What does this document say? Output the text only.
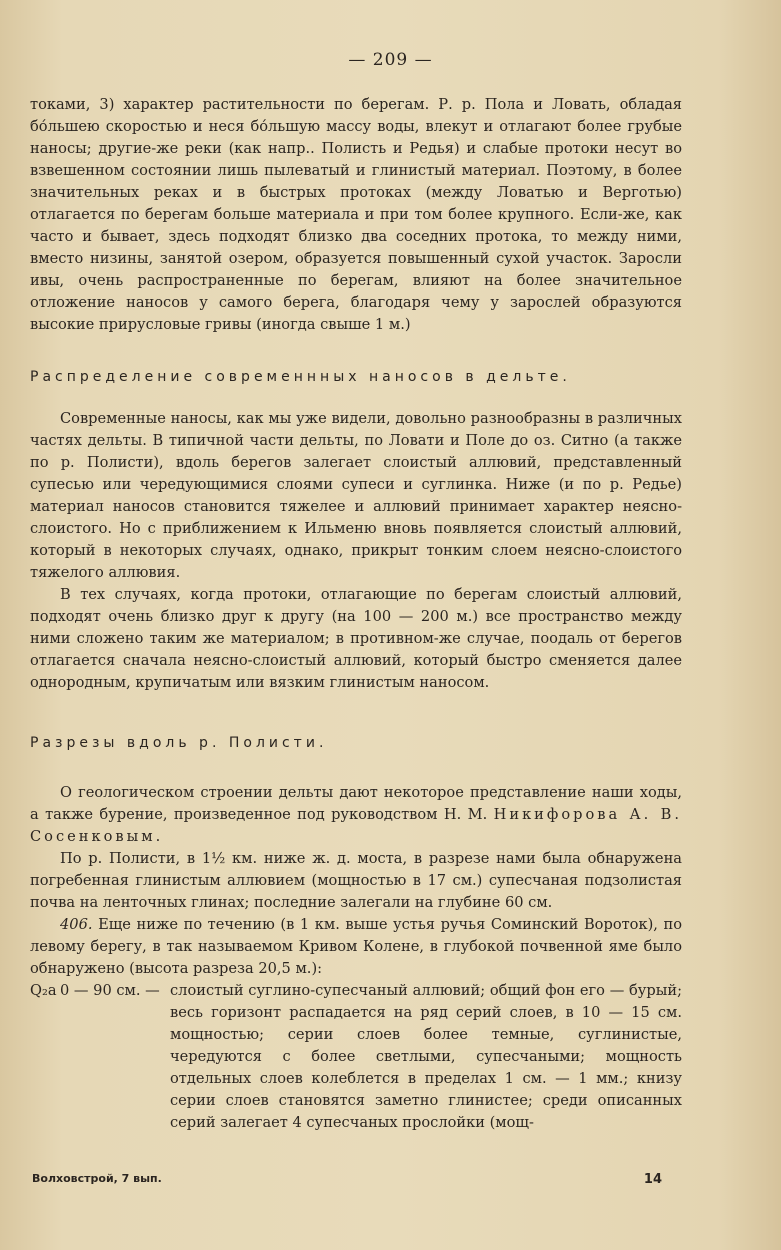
— 209 —

токами, 3) характер растительности по берегам. Р. р. Пола и Ловать, обладая бо́льшею скоростью и неся бо́льшую массу воды, влекут и отлагают более грубые наносы; другие-же реки (как напр.. Полисть и Редья) и слабые протоки несут во взвешенном состоянии лишь пылеватый и глинистый материал. Поэтому, в более значительных реках и в быстрых протоках (между Ловатью и Верготью) отлагается по берегам больше материала и при том более крупного. Если-же, как часто и бывает, здесь подходят близко два соседних протока, то между ними, вместо низины, занятой озером, образуется повышенный сухой участок. Заросли ивы, очень распространенные по берегам, влияют на более значительное отложение наносов у самого берега, благодаря чему у зарослей образуются высокие прирусловые гривы (иногда свыше 1 м.)

Распределение современнных наносов в дельте.

Современные наносы, как мы уже видели, довольно разнообразны в различных частях дельты. В типичной части дельты, по Ловати и Поле до оз. Ситно (а также по р. Полисти), вдоль берегов залегает слоистый аллювий, представленный супесью или чередующимися слоями супеси и суглинка. Ниже (и по р. Редье) материал наносов становится тяжелее и аллювий принимает характер неясно-слоистого. Но с приближением к Ильменю вновь появляется слоистый аллювий, который в некоторых случаях, однако, прикрыт тонким слоем неясно-слоистого тяжелого аллювия.

В тех случаях, когда протоки, отлагающие по берегам слоистый аллювий, подходят очень близко друг к другу (на 100 — 200 м.) все пространство между ними сложено таким же материалом; в противном-же случае, поодаль от берегов отлагается сначала неясно-слоистый аллювий, который быстро сменяется далее однородным, крупичатым или вязким глинистым наносом.

Разрезы вдоль р. Полисти.

О геологическом строении дельты дают некоторое представление наши ходы, а также бурение, произведенное под руководством Н. М. Никифорова А. В. Сосенковым.

По р. Полисти, в 1½ км. ниже ж. д. моста, в разрезе нами была обнаружена погребенная глинистым аллювием (мощностью в 17 см.) супесчаная подзолистая почва на ленточных глинах; последние залегали на глубине 60 см.

406. Еще ниже по течению (в 1 км. выше устья ручья Соминский Вороток), по левому берегу, в так называемом Кривом Колене, в глубокой почвенной яме было обнаружено (высота разреза 20,5 м.):

Q₂a 0 — 90 см. — слоистый суглино-супесчаный аллювий; общий фон его — бурый; весь горизонт распадается на ряд серий слоев, в 10 — 15 см. мощностью; серии слоев более темные, суглинистые, чередуются с более светлыми, супесчаными; мощность отдельных слоев колеблется в пределах 1 см. — 1 мм.; книзу серии слоев становятся заметно глинистее; среди описанных серий залегает 4 супесчаных прослойки (мощ-
Волховстрой, 7 вып.	14
